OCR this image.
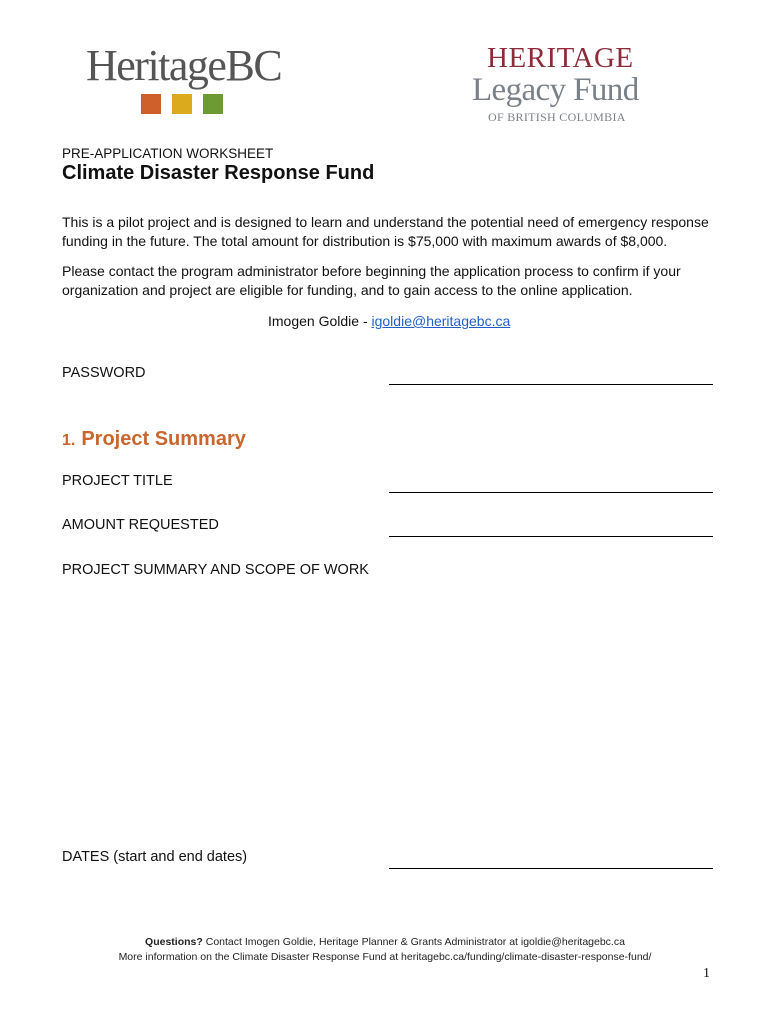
HeritageBC	HERITAGE
Legacy Fund
OF BRITISH COLUMBIA
PRE-APPLICATION WORKSHEET
Climate Disaster Response Fund

This is a pilot project and is designed to learn and understand the potential need of emergency response funding in the future. The total amount for distribution is $75,000 with maximum awards of $8,000.

Please contact the program administrator before beginning the application process to confirm if your organization and project are eligible for funding, and to gain access to the online application.

Imogen Goldie - igoldie@heritagebc.ca
PASSWORD
1. Project Summary
PROJECT TITLE
AMOUNT REQUESTED
PROJECT SUMMARY AND SCOPE OF WORK
DATES (start and end dates)
Questions? Contact Imogen Goldie, Heritage Planner & Grants Administrator at igoldie@heritagebc.ca
More information on the Climate Disaster Response Fund at heritagebc.ca/funding/climate-disaster-response-fund/
1
